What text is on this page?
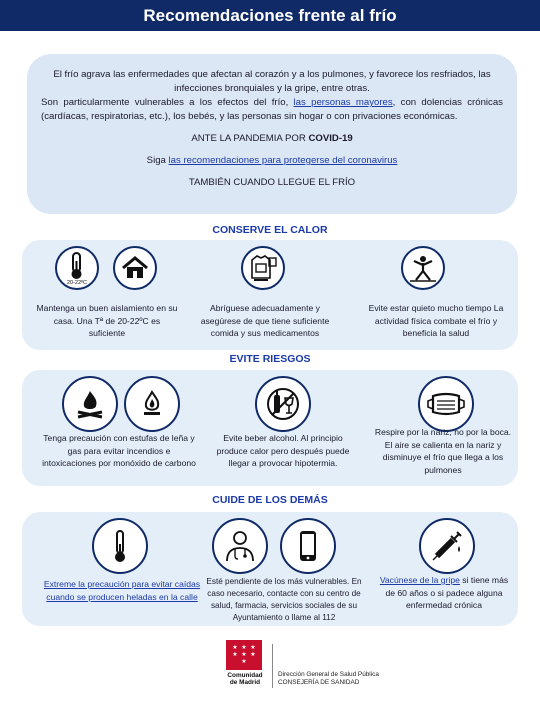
Recomendaciones frente al frío

El frío agrava las enfermedades que afectan al corazón y a los pulmones, y favorece los resfriados, las infecciones bronquiales y la gripe, entre otras.

Son particularmente vulnerables a los efectos del frío, las personas mayores, con dolencias crónicas (cardíacas, respiratorias, etc.), los bebés, y las personas sin hogar o con privaciones económicas.

ANTE LA PANDEMIA POR COVID-19

Siga las recomendaciones para protegerse del coronavirus

TAMBIÉN CUANDO LLEGUE EL FRÍO

CONSERVE EL CALOR
20-22ºC
Mantenga un buen aislamiento en su casa. Una Tª de 20-22ºC es suficiente
Abríguese adecuadamente y asegúrese de que tiene suficiente comida y sus medicamentos
Evite estar quieto mucho tiempo La actividad física combate el frío y beneficia la salud
EVITE RIESGOS
Tenga precaución con estufas de leña y gas para evitar incendios e intoxicaciones por monóxido de carbono
Evite beber alcohol. Al principio produce calor pero después puede llegar a provocar hipotermia.
Respire por la nariz, no por la boca. El aire se calienta en la nariz y disminuye el frío que llega a los pulmones
CUIDE DE LOS DEMÁS
Extreme la precaución para evitar caídas cuando se producen heladas en la calle
Esté pendiente de los más vulnerables. En caso necesario, contacte con su centro de salud, farmacia, servicios sociales de su Ayuntamiento o llame al 112
Vacúnese de la gripe si tiene más de 60 años o si padece alguna enfermedad crónica
★ ★ ★
★ ★ ★
★
Comunidad
de Madrid
Dirección General de Salud Pública
CONSEJERÍA DE SANIDAD
